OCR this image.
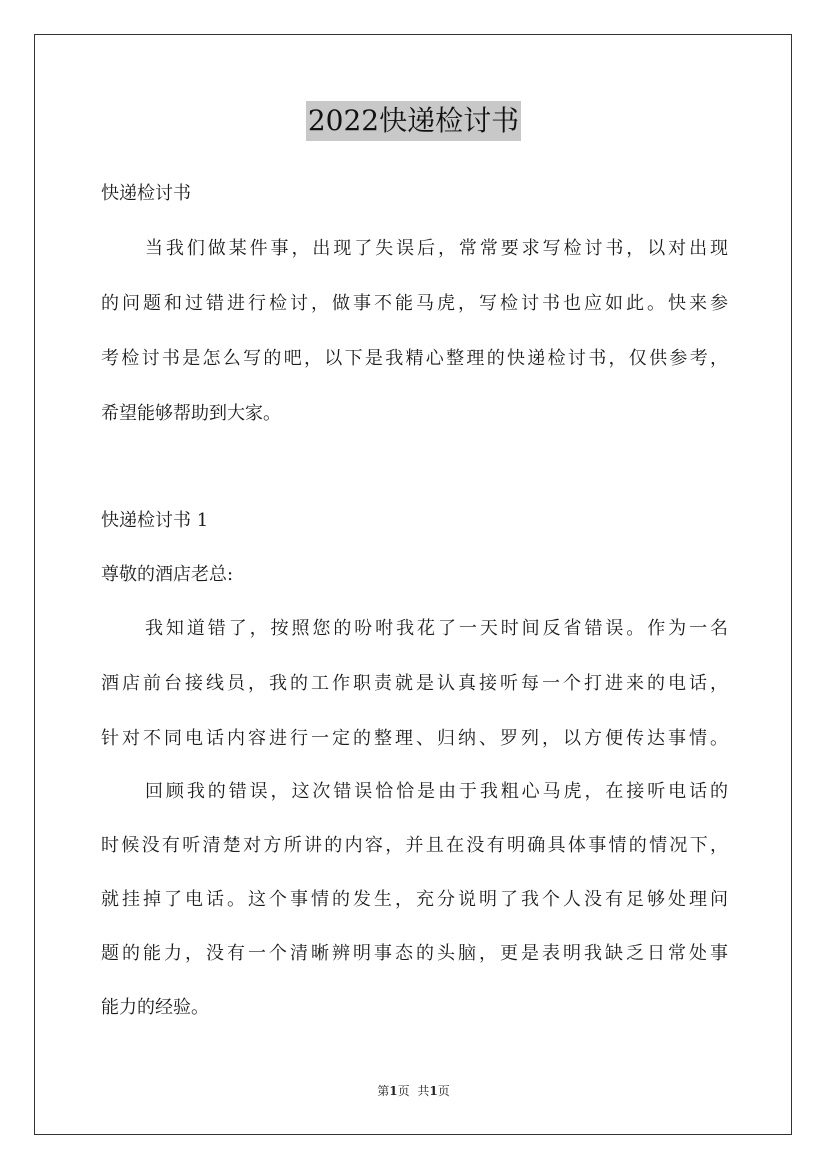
2022快递检讨书
快递检讨书
当我们做某件事，出现了失误后，常常要求写检讨书，以对出现
的问题和过错进行检讨，做事不能马虎，写检讨书也应如此。快来参
考检讨书是怎么写的吧，以下是我精心整理的快递检讨书，仅供参考，
希望能够帮助到大家。
快递检讨书 1
尊敬的酒店老总:
我知道错了，按照您的吩咐我花了一天时间反省错误。作为一名
酒店前台接线员，我的工作职责就是认真接听每一个打进来的电话，
针对不同电话内容进行一定的整理、归纳、罗列，以方便传达事情。
回顾我的错误，这次错误恰恰是由于我粗心马虎，在接听电话的
时候没有听清楚对方所讲的内容，并且在没有明确具体事情的情况下，
就挂掉了电话。这个事情的发生，充分说明了我个人没有足够处理问
题的能力，没有一个清晰辨明事态的头脑，更是表明我缺乏日常处事
能力的经验。
第1页 共1页
